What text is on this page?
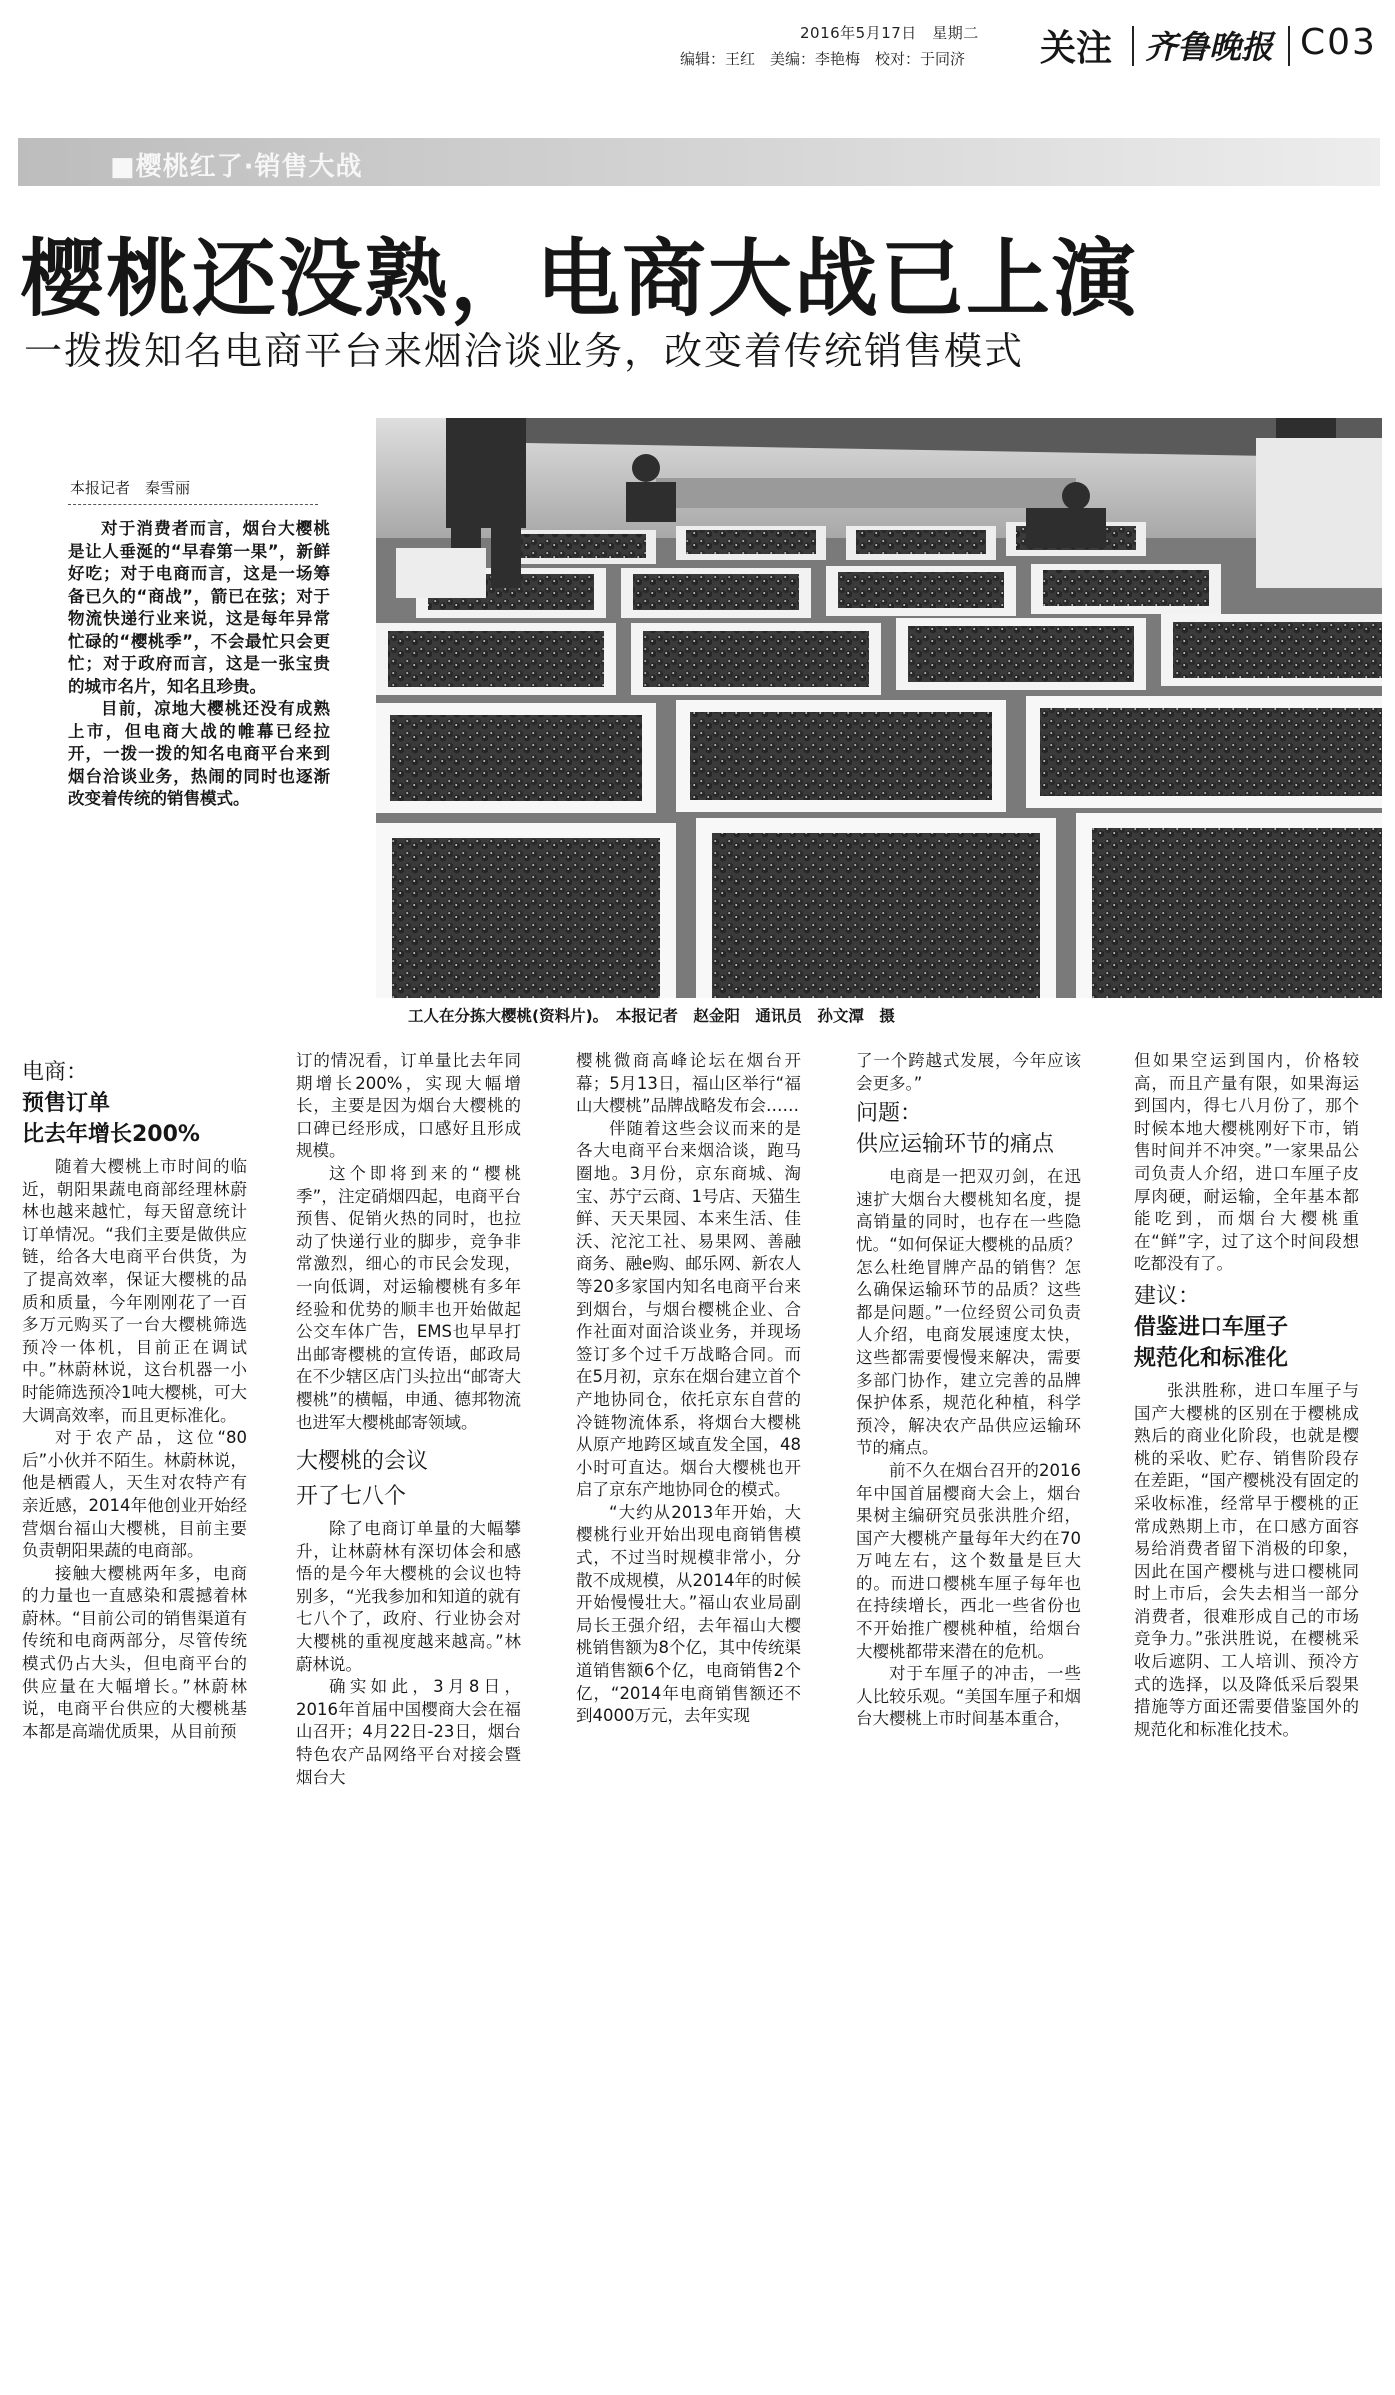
2016年5月17日　星期二
编辑：王红　美编：李艳梅　校对：于同济 关注 齐鲁晚报 C03
■樱桃红了·销售大战
樱桃还没熟，电商大战已上演
一拨拨知名电商平台来烟洽谈业务，改变着传统销售模式
本报记者　秦雪丽

对于消费者而言，烟台大樱桃是让人垂涎的“早春第一果”，新鲜好吃；对于电商而言，这是一场筹备已久的“商战”，箭已在弦；对于物流快递行业来说，这是每年异常忙碌的“樱桃季”，不会最忙只会更忙；对于政府而言，这是一张宝贵的城市名片，知名且珍贵。

目前，凉地大樱桃还没有成熟上市，但电商大战的帷幕已经拉开，一拨一拨的知名电商平台来到烟台洽谈业务，热闹的同时也逐渐改变着传统的销售模式。

工人在分拣大樱桃(资料片)。　本报记者　赵金阳　通讯员　孙文潭　摄

电商：

预售订单

比去年增长200%

随着大樱桃上市时间的临近，朝阳果蔬电商部经理林蔚林也越来越忙，每天留意统计订单情况。“我们主要是做供应链，给各大电商平台供货，为了提高效率，保证大樱桃的品质和质量，今年刚刚花了一百多万元购买了一台大樱桃筛选预冷一体机，目前正在调试中。”林蔚林说，这台机器一小时能筛选预冷1吨大樱桃，可大大调高效率，而且更标准化。

对于农产品，这位“80后”小伙并不陌生。林蔚林说，他是栖霞人，天生对农特产有亲近感，2014年他创业开始经营烟台福山大樱桃，目前主要负责朝阳果蔬的电商部。

接触大樱桃两年多，电商的力量也一直感染和震撼着林蔚林。“目前公司的销售渠道有传统和电商两部分，尽管传统模式仍占大头，但电商平台的供应量在大幅增长。”林蔚林说，电商平台供应的大樱桃基本都是高端优质果，从目前预

订的情况看，订单量比去年同期增长200%，实现大幅增长，主要是因为烟台大樱桃的口碑已经形成，口感好且形成规模。

这个即将到来的“樱桃季”，注定硝烟四起，电商平台预售、促销火热的同时，也拉动了快递行业的脚步，竞争非常激烈，细心的市民会发现，一向低调，对运输樱桃有多年经验和优势的顺丰也开始做起公交车体广告，EMS也早早打出邮寄樱桃的宣传语，邮政局在不少辖区店门头拉出“邮寄大樱桃”的横幅，申通、德邦物流也进军大樱桃邮寄领域。

大樱桃的会议

开了七八个

除了电商订单量的大幅攀升，让林蔚林有深切体会和感悟的是今年大樱桃的会议也特别多，“光我参加和知道的就有七八个了，政府、行业协会对大樱桃的重视度越来越高。”林蔚林说。

确实如此，3月8日，2016年首届中国樱商大会在福山召开；4月22日-23日，烟台特色农产品网络平台对接会暨烟台大

樱桃微商高峰论坛在烟台开幕；5月13日，福山区举行“福山大樱桃”品牌战略发布会……

伴随着这些会议而来的是各大电商平台来烟洽谈，跑马圈地。3月份，京东商城、淘宝、苏宁云商、1号店、天猫生鲜、天天果园、本来生活、佳沃、沱沱工社、易果网、善融商务、融e购、邮乐网、新农人等20多家国内知名电商平台来到烟台，与烟台樱桃企业、合作社面对面洽谈业务，并现场签订多个过千万战略合同。而在5月初，京东在烟台建立首个产地协同仓，依托京东自营的冷链物流体系，将烟台大樱桃从原产地跨区域直发全国，48小时可直达。烟台大樱桃也开启了京东产地协同仓的模式。

“大约从2013年开始，大樱桃行业开始出现电商销售模式，不过当时规模非常小，分散不成规模，从2014年的时候开始慢慢壮大。”福山农业局副局长王强介绍，去年福山大樱桃销售额为8个亿，其中传统渠道销售额6个亿，电商销售2个亿，“2014年电商销售额还不到4000万元，去年实现

了一个跨越式发展，今年应该会更多。”

问题：

供应运输环节的痛点

电商是一把双刃剑，在迅速扩大烟台大樱桃知名度，提高销量的同时，也存在一些隐忧。“如何保证大樱桃的品质？怎么杜绝冒牌产品的销售？怎么确保运输环节的品质？这些都是问题。”一位经贸公司负责人介绍，电商发展速度太快，这些都需要慢慢来解决，需要多部门协作，建立完善的品牌保护体系，规范化种植，科学预冷，解决农产品供应运输环节的痛点。

前不久在烟台召开的2016年中国首届樱商大会上，烟台果树主编研究员张洪胜介绍，国产大樱桃产量每年大约在70万吨左右，这个数量是巨大的。而进口樱桃车厘子每年也在持续增长，西北一些省份也不开始推广樱桃种植，给烟台大樱桃都带来潜在的危机。

对于车厘子的冲击，一些人比较乐观。“美国车厘子和烟台大樱桃上市时间基本重合，

但如果空运到国内，价格较高，而且产量有限，如果海运到国内，得七八月份了，那个时候本地大樱桃刚好下市，销售时间并不冲突。”一家果品公司负责人介绍，进口车厘子皮厚肉硬，耐运输，全年基本都能吃到，而烟台大樱桃重在“鲜”字，过了这个时间段想吃都没有了。

建议：

借鉴进口车厘子

规范化和标准化

张洪胜称，进口车厘子与国产大樱桃的区别在于樱桃成熟后的商业化阶段，也就是樱桃的采收、贮存、销售阶段存在差距，“国产樱桃没有固定的采收标准，经常早于樱桃的正常成熟期上市，在口感方面容易给消费者留下消极的印象，因此在国产樱桃与进口樱桃同时上市后，会失去相当一部分消费者，很难形成自己的市场竞争力。”张洪胜说，在樱桃采收后遮阴、工人培训、预冷方式的选择，以及降低采后裂果措施等方面还需要借鉴国外的规范化和标准化技术。
